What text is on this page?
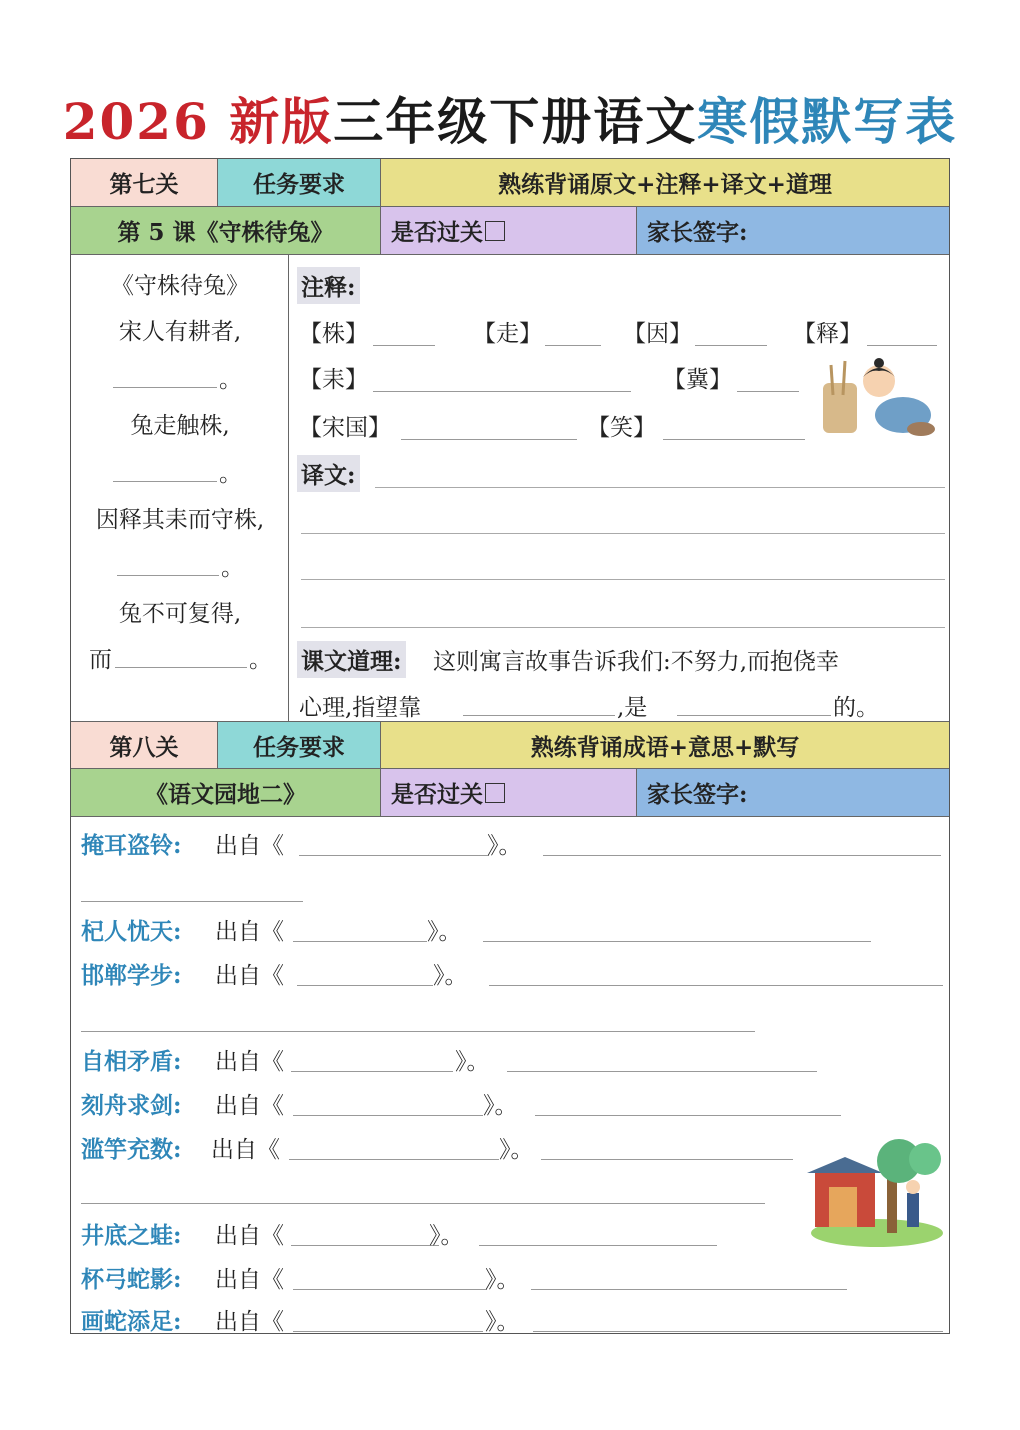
2026 新版三年级下册语文寒假默写表
第七关	任务要求	熟练背诵原文+注释+译文+道理
第 5 课《守株待兔》	是否过关	家长签字:
《守株待兔》
宋人有耕者,
。
兔走触株,
。
因释其耒而守株,
。
兔不可复得,
而	。
注释:
【株】	【走】	【因】	【释】
【耒】	【冀】
【宋国】	【笑】
译文:
课文道理: 这则寓言故事告诉我们:不努力,而抱侥幸
心理,指望靠	,是	的。
第八关	任务要求	熟练背诵成语+意思+默写
《语文园地二》	是否过关	家长签字:
掩耳盗铃: 出自《	》。
杞人忧天: 出自《	》。
邯郸学步: 出自《	》。
自相矛盾: 出自《	》。
刻舟求剑: 出自《	》。
滥竽充数: 出自《	》。
井底之蛙: 出自《	》。
杯弓蛇影: 出自《	》。
画蛇添足: 出自《	》。
